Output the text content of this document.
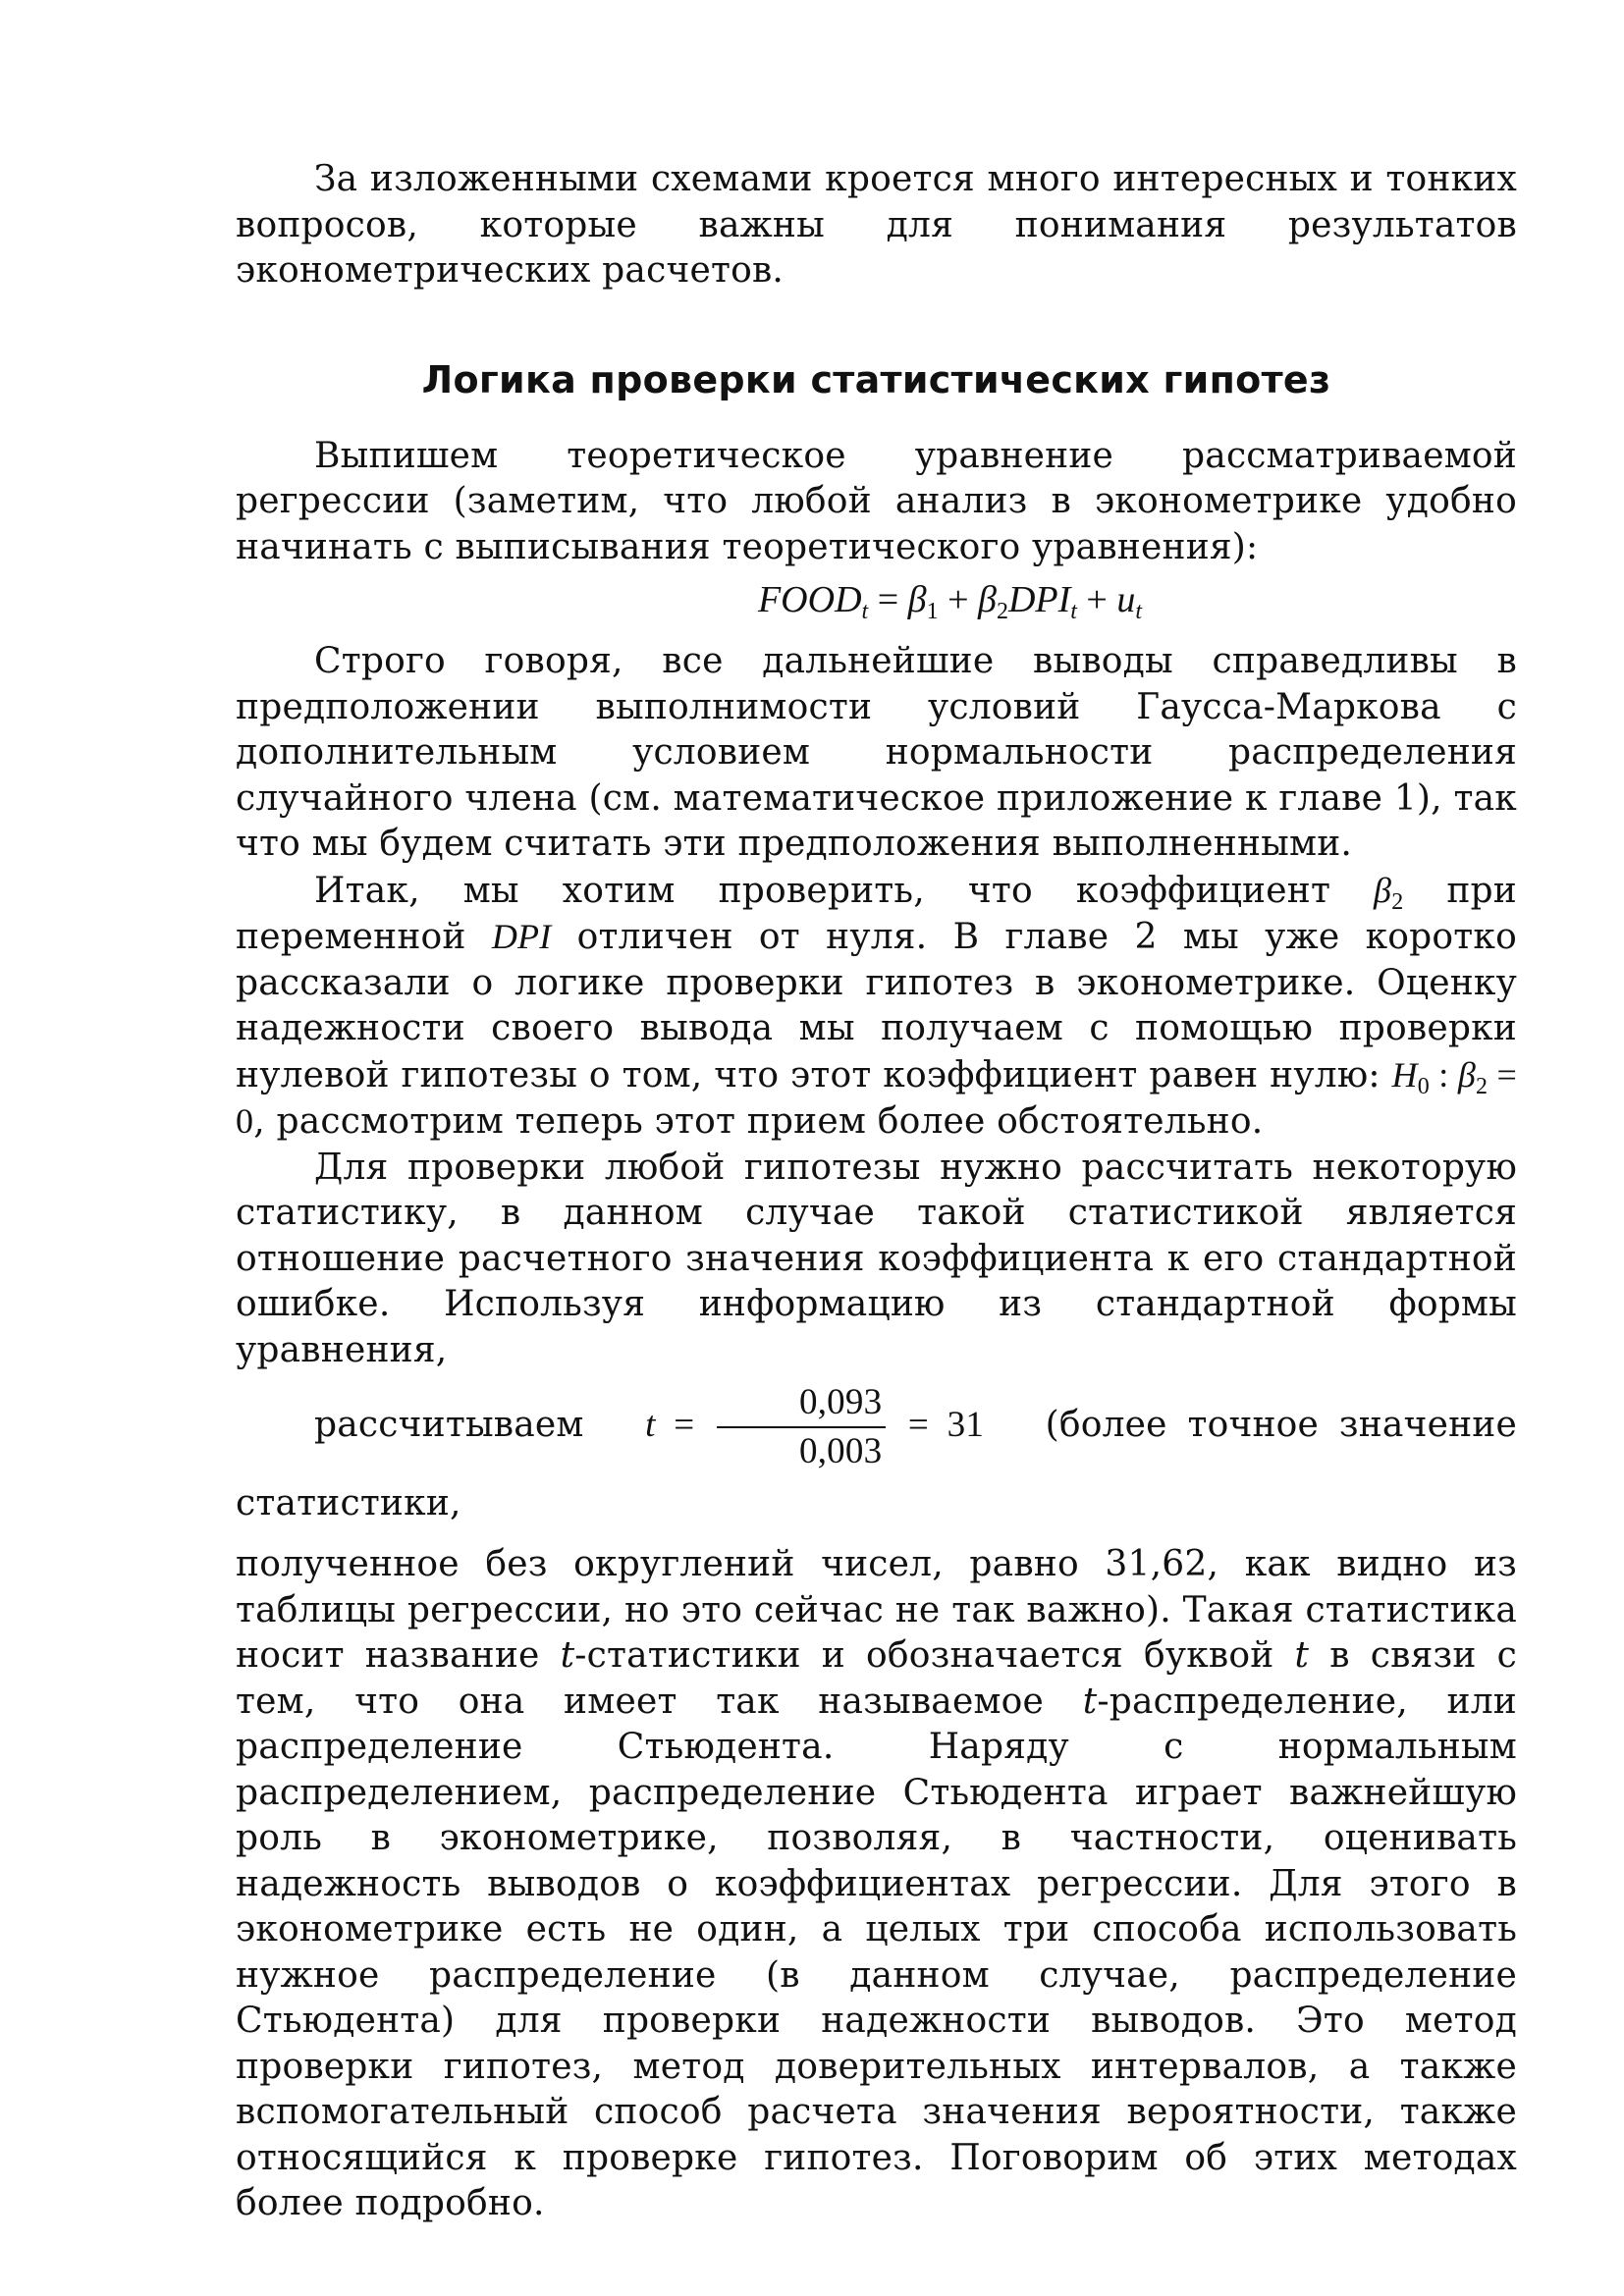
За изложенными схемами кроется много интересных и тонких вопросов, которые важны для понимания результатов эконометрических расчетов.

Логика проверки статистических гипотез

Выпишем теоретическое уравнение рассматриваемой регрессии (заметим, что любой анализ в эконометрике удобно начинать с выписывания теоретического уравнения):

$FOOD_t = \beta_1 + \beta_2DPI_t + u_t$

Строго говоря, все дальнейшие выводы справедливы в предположении выполнимости условий Гаусса-Маркова с дополнительным условием нормальности распределения случайного члена (см. математическое приложение к главе 1), так что мы будем считать эти предположения выполненными.

Итак, мы хотим проверить, что коэффициент $\beta_2$ при переменной DPI отличен от нуля. В главе 2 мы уже коротко рассказали о логике проверки гипотез в эконометрике. Оценку надежности своего вывода мы получаем с помощью проверки нулевой гипотезы о том, что этот коэффициент равен нулю: $H_0$ : $\beta_2 = 0$, рассмотрим теперь этот прием более обстоятельно.

Для проверки любой гипотезы нужно рассчитать некоторую статистику, в данном случае такой статистикой является отношение расчетного значения коэффициента к его стандартной ошибке. Используя информацию из стандартной формы уравнения,
рассчитываем $t = \frac{0,093}{0,003} = 31$   (более точное значение статистики,
полученное без округлений чисел, равно 31,62, как видно из таблицы регрессии, но это сейчас не так важно). Такая статистика носит название t-статистики и обозначается буквой t в связи с тем, что она имеет так называемое t-распределение, или распределение Стьюдента. Наряду с нормальным распределением, распределение Стьюдента играет важнейшую роль в эконометрике, позволяя, в частности, оценивать надежность выводов о коэффициентах регрессии. Для этого в эконометрике есть не один, а целых три способа использовать нужное распределение (в данном случае, распределение Стьюдента) для проверки надежности выводов. Это метод проверки гипотез, метод доверительных интервалов, а также вспомогательный способ расчета значения вероятности, также относящийся к проверке гипотез. Поговорим об этих методах более подробно.
